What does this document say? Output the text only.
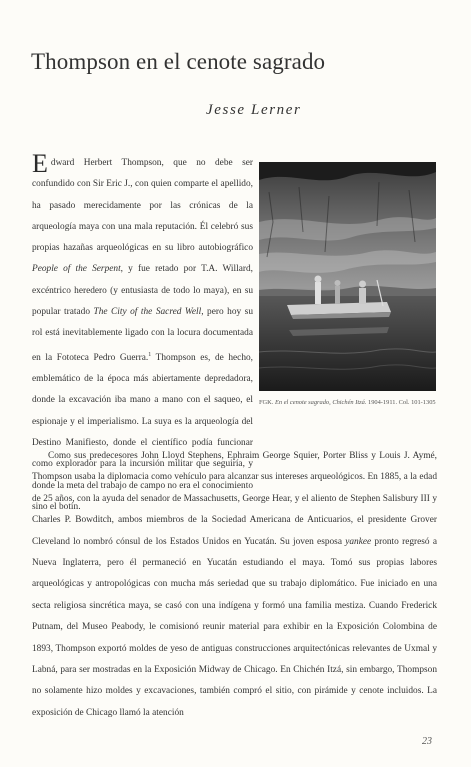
Thompson en el cenote sagrado
Jesse Lerner
Edward Herbert Thompson, que no debe ser confundido con Sir Eric J., con quien comparte el apellido, ha pasado merecidamente por las crónicas de la arqueología maya con una mala reputación. Él celebró sus propias hazañas arqueológicas en su libro autobiográfico People of the Serpent, y fue retado por T.A. Willard, excéntrico heredero (y entusiasta de todo lo maya), en su popular tratado The City of the Sacred Well, pero hoy su rol está inevitablemente ligado con la locura documentada en la Fototeca Pedro Guerra.$^1$ Thompson es, de hecho, emblemático de la época más abiertamente depredadora, donde la excavación iba mano a mano con el saqueo, el espionaje y el imperialismo. La suya es la arqueología del Destino Manifiesto, donde el científico podía funcionar como explorador para la incursión militar que seguiría, y donde la meta del trabajo de campo no era el conocimiento sino el botín.
FGK. En el cenote sagrado, Chichén Itzá. 1904-1911. Col. 101-1305
Como sus predecesores John Lloyd Stephens, Ephraim George Squier, Porter Bliss y Louis J. Aymé, Thompson usaba la diplomacia como vehículo para alcanzar sus intereses arqueológicos. En 1885, a la edad de 25 años, con la ayuda del senador de Massachusetts, George Hear, y el aliento de Stephen Salisbury III y Charles P. Bowditch, ambos miembros de la Sociedad Americana de Anticuarios, el presidente Grover Cleveland lo nombró cónsul de los Estados Unidos en Yucatán. Su joven esposa yankee pronto regresó a Nueva Inglaterra, pero él permaneció en Yucatán estudiando el maya. Tomó sus propias labores arqueológicas y antropológicas con mucha más seriedad que su trabajo diplomático. Fue iniciado en una secta religiosa sincrética maya, se casó con una indígena y formó una familia mestiza. Cuando Frederick Putnam, del Museo Peabody, le comisionó reunir material para exhibir en la Exposición Colombina de 1893, Thompson exportó moldes de yeso de antiguas construcciones arquitectónicas relevantes de Uxmal y Labná, para ser mostradas en la Exposición Midway de Chicago. En Chichén Itzá, sin embargo, Thompson no solamente hizo moldes y excavaciones, también compró el sitio, con pirámide y cenote incluidos. La exposición de Chicago llamó la atención
23
